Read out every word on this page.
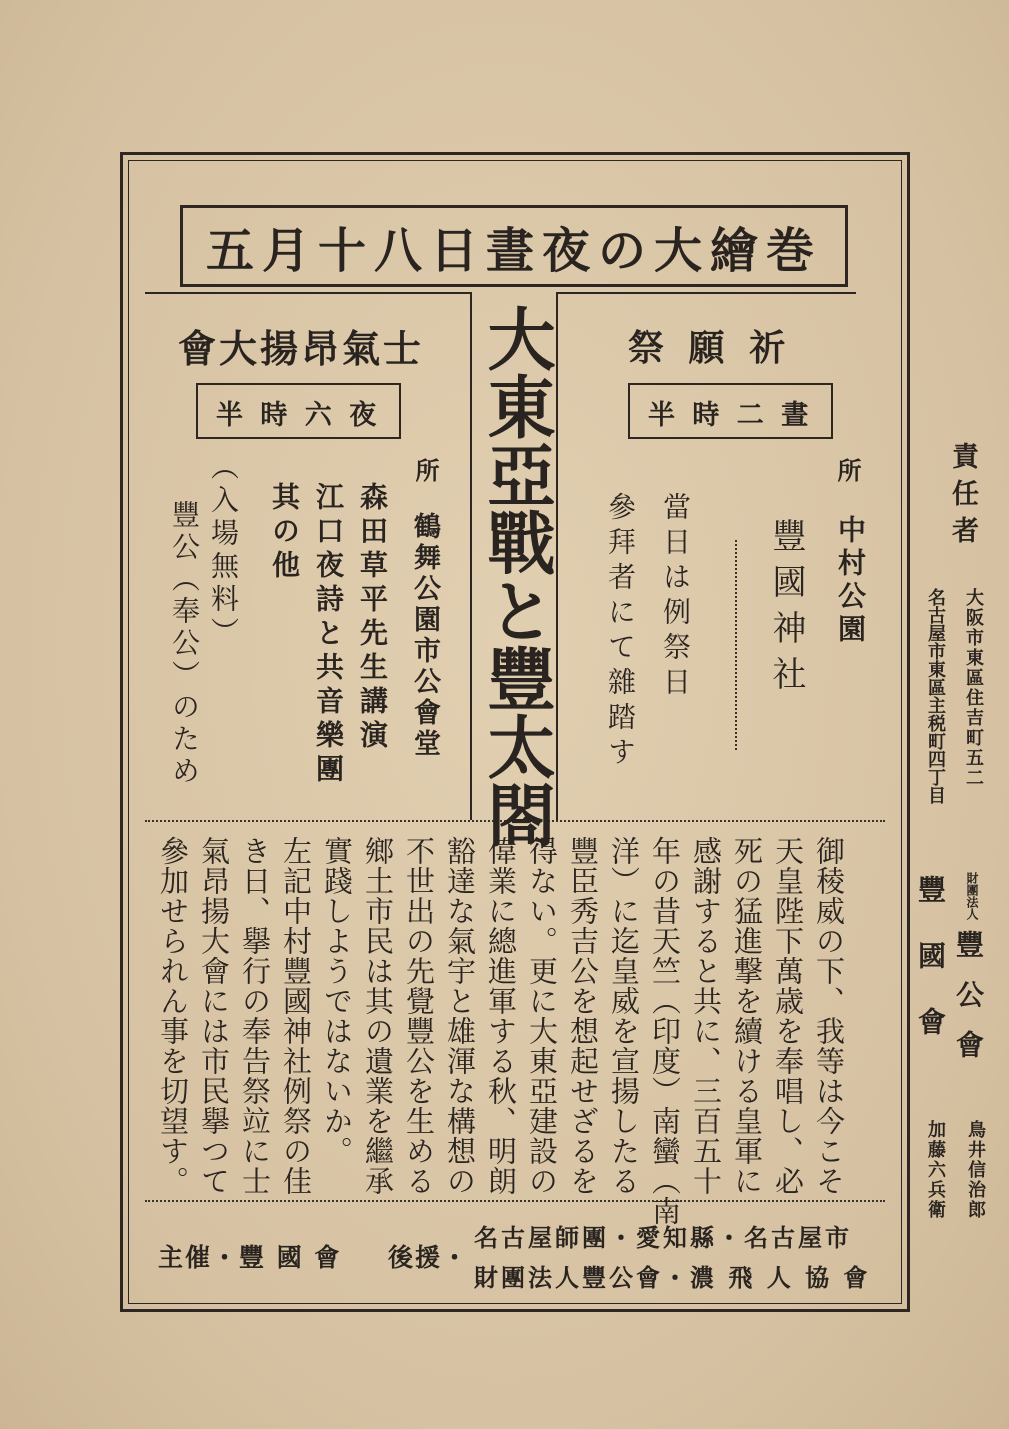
五月十八日晝夜の大繪巻
祭 願 祈
半 時 二 晝
所
中村公園
豐國神社
當日は例祭日
參拜者にて雜踏す
大東亞戰と豐太閤
會大揚昂氣士
半 時 六 夜
所
鶴舞公園市公會堂
森田草平先生講演
江口夜詩と共音樂團
其の他
（入場無料）
豐公（奉公）のため
御稜威の下、我等は今こそ
天皇陛下萬歳を奉唱し、必
死の猛進撃を續ける皇軍に
感謝すると共に、三百五十
年の昔天竺（印度）南蠻（南
洋）に迄皇威を宣揚したる
豐臣秀吉公を想起せざるを
得ない。更に大東亞建設の
偉業に總進軍する秋、明朗
豁達な氣宇と雄渾な構想の
不世出の先覺豐公を生める
鄉土市民は其の遺業を繼承
實踐しようではないか。
左記中村豐國神社例祭の佳
き日、擧行の奉告祭竝に士
氣昂揚大會には市民擧つて
參加せられん事を切望す。
主催・豐 國 會 後援・
名古屋師團・愛知縣・名古屋市
財團法人豐公會・濃 飛 人 協 會
責任者
大阪市東區住吉町五二
名古屋市東區主税町四丁目
財團法人
豐公會
豐國會
鳥井信治郎
加藤六兵衛
